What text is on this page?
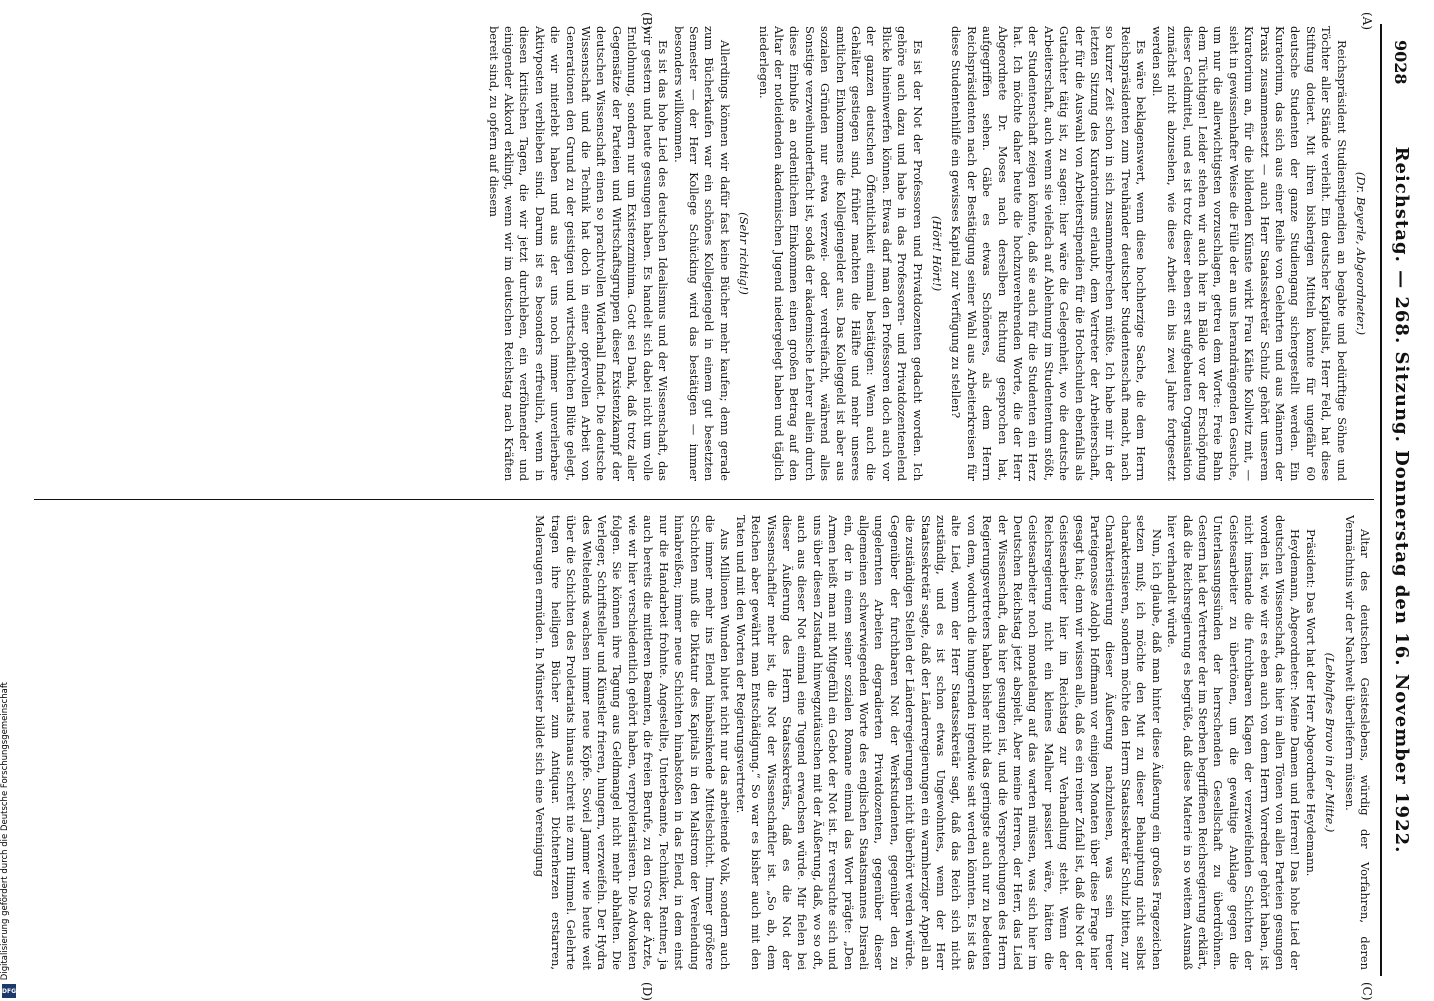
9028
Reichstag. — 268. Sitzung. Donnerstag den 16. November 1922.
(A)
(B)
(C)
(D)

(Dr. Beyerle, Abgeordneter.)

Reichspräsident Studienstipendien an begabte und bedürftige Söhne und Töchter aller Stände verleiht. Ein deutscher Kapitalist, Herr Feld, hat diese Stiftung dotiert. Mit ihren bisherigen Mitteln konnte für ungefähr 60 deutsche Studenten der ganze Studiengang sichergestellt werden. Ein Kuratorium, das sich aus einer Reihe von Gelehrten und aus Männern der Praxis zusammensetzt — auch Herr Staatssekretär Schulz gehört unserem Kuratorium an, für die bildenden Künste wirkt Frau Käthe Kollwitz mit, — sieht in gewissenhafter Weise die Fülle der an uns herandrängenden Gesuche, um nur die allerwichtigsten vorzuschlagen, getreu dem Worte: Freie Bahn dem Tüchtigen! Leider stehen wir auch hier in Bälde vor der Erschöpfung dieser Geldmittel, und es ist trotz dieser eben erst aufgebauten Organisation zunächst nicht abzusehen, wie diese Arbeit ein bis zwei Jahre fortgesetzt werden soll.

Es wäre beklagenswert, wenn diese hochherzige Sache, die dem Herrn Reichspräsidenten zum Treuhänder deutscher Studentenschaft macht, nach so kurzer Zeit schon in sich zusammenbrechen müßte. Ich habe mir in der letzten Sitzung des Kuratoriums erlaubt, dem Vertreter der Arbeiterschaft, der für die Auswahl von Arbeiterstipendien für die Hochschulen ebenfalls als Gutachter tätig ist, zu sagen: hier wäre die Gelegenheit, wo die deutsche Arbeiterschaft, auch wenn sie vielfach auf Ablehnung im Studententum stößt, der Studentenschaft zeigen könnte, daß sie auch für die Studenten ein Herz hat. Ich möchte daher heute die hochzuverehrenden Worte, die der Herr Abgeordnete Dr. Moses nach derselben Richtung gesprochen hat, aufgegriffen sehen. Gäbe es etwas Schöneres, als dem Herrn Reichspräsidenten nach der Bestätigung seiner Wahl aus Arbeiterkreisen für diese Studentenhilfe ein gewisses Kapital zur Verfügung zu stellen?

(Hört! Hört!)

Es ist der Not der Professoren und Privatdozenten gedacht worden. Ich gehöre auch dazu und habe in das Professoren- und Privatdozentenelend Blicke hineinwerfen können. Etwas darf man den Professoren doch auch vor der ganzen deutschen Öffentlichkeit einmal bestätigen: Wenn auch die Gehälter gestiegen sind, früher machten die Hälfte und mehr unseres amtlichen Einkommens die Kollegiengelder aus. Das Kolleggeld ist aber aus sozialen Gründen nur etwa verzwei- oder verdreifacht, während alles Sonstige verzweihundertfacht ist, sodaß der akademische Lehrer allein durch diese Einbuße an ordentlichem Einkommen einen großen Betrag auf den Altar der notleidenden akademischen Jugend niedergelegt haben und täglich niederlegen.

(Sehr richtig!)

Allerdings können wir dafür fast keine Bücher mehr kaufen; denn gerade zum Bücherkaufen war ein schönes Kollegiengeld in einem gut besetzten Semester — der Herr Kollege Schücking wird das bestätigen — immer besonders willkommen.

Es ist das hohe Lied des deutschen Idealismus und der Wissenschaft, das wir gestern und heute gesungen haben. Es handelt sich dabei nicht um volle Entlohnung, sondern nur um Existenzminima. Gott sei Dank, daß trotz aller Gegensätze der Parteien und Wirtschaftsgruppen dieser Existenzkampf der deutschen Wissenschaft einen so prachtvollen Widerhall findet. Die deutsche Wissenschaft und die Technik hat doch in einer opfervollen Arbeit von Generationen den Grund zu der geistigen und wirtschaftlichen Blüte gelegt, die wir miterlebt haben und aus der uns noch immer unverlierbare Aktivposten verblieben sind. Darum ist es besonders erfreulich, wenn in diesen kritischen Tagen, die wir jetzt durchleben, ein verföhnender und einigender Akkord erklingt, wenn wir im deutschen Reichstag nach Kräften bereit sind, zu opfern auf diesem

Altar des deutschen Geisteslebens, würdig der Vorfahren, deren Vermächtnis wir der Nachwelt überliefern müssen.

(Lebhaftes Bravo in der Mitte.)

Präsident: Das Wort hat der Herr Abgeordnete Heydemann.

Heydemann, Abgeordneter: Meine Damen und Herren! Das hohe Lied der deutschen Wissenschaft, das hier in allen Tönen von allen Parteien gesungen worden ist, wie wir es eben auch von dem Herrn Vorredner gehört haben, ist nicht imstande die furchtbaren Klagen der verzweifelnden Schichten der Geistesarbeiter zu übertönen, um die gewaltige Anklage gegen die Unterlassungssünden der herrschenden Gesellschaft zu überdröhnen. Gestern hat der Vertreter der im Sterben begriffenen Reichsregierung erklärt, daß die Reichsregierung es begrüße, daß diese Materie in so weitem Ausmaß hier verhandelt würde.

Nun, ich glaube, daß man hinter diese Äußerung ein großes Fragezeichen setzen muß; ich möchte den Mut zu dieser Behauptung nicht selbst charakterisieren, sondern möchte den Herrn Staatssekretär Schulz bitten, zur Charakteristierung dieser Äußerung nachzulesen, was sein treuer Parteigenosse Adolph Hoffmann vor einigen Monaten über diese Frage hier gesagt hat; denn wir wissen alle, daß es ein reiner Zufall ist, daß die Not der Geistesarbeiter hier im Reichstag zur Verhandlung steht. Wenn der Reichsregierung nicht ein kleines Malheur passiert wäre, hätten die Geistesarbeiter noch monatelang auf das warten müssen, was sich hier im Deutschen Reichstag jetzt abspielt. Aber meine Herren, der Herr, das Lied der Wissenschaft, das hier gesungen ist, und die Versprechungen des Herrn Regierungsvertreters haben bisher nicht das geringste auch nur zu bedeuten von dem, wodurch die hungernden irgendwie satt werden könnten. Es ist das alte Lied, wenn der Herr Staatssekretär sagt, daß das Reich sich nicht zuständig, und es ist schon etwas Ungewohntes, wenn der Herr Staatssekretär sagte, daß der Länderregierungen ein warmherziger Appell an die zuständigen Stellen der Länderregierungen nicht überhört werden würde. Gegenüber der furchtbaren Not der Werkstudenten, gegenüber den zu ungelernten Arbeiten degradierten Privatdozenten, gegenüber dieser allgemeinen schwerwiegenden Worte des englischen Staatsmannes Disraeli ein, der in einem seiner sozialen Romane einmal das Wort prägte: „Den Armen heißt man mit Mitgefühl ein Gebot der Not ist. Er versuchte sich und uns über diesen Zustand hinwegzutäuschen mit der Äußerung, daß, wo so oft, auch aus dieser Not einmal eine Tugend erwachsen würde. Mir fielen bei dieser Äußerung des Herrn Staatssekretärs, daß es die Not der Wissenschaftler mehr ist, die Not der Wissenschaftler ist. „So ab, dem Reichen aber gewährt man Entschädigung.“ So war es bisher auch mit den Taten und mit den Worten der Regierungsvertreter.

Aus Millionen Wunden blutet nicht nur das arbeitende Volk, sondern auch die immer mehr ins Elend hinabsinkende Mittelschicht. Immer größere Schichten muß die Diktatur des Kapitals in den Malstrom der Verelendung hinabreißen; immer neue Schichten hinabstoßen in das Elend, in dem einst nur die Handarbeit frohnte. Angestellte, Unterbeamte, Techniker, Rentner, ja auch bereits die mittleren Beamten, die freien Berufe, zu den Gros der Ärzte, wie wir hier verschiedentlich gehört haben, verproletarisieren. Die Advokaten folgen. Sie können ihre Tagung aus Geldmangel nicht mehr abhalten. Die Verleger, Schriftsteller und Künstler frieren, hungern, verzweifeln. Der Hydra des Weltelends wachsen immer neue Köpfe. Soviel Jammer wie heute weit über die Schichten des Proletariats hinaus schreit nie zum Himmel. Gelehrte tragen ihre heiligen Bücher zum Antiquar. Dichterherzen erstarren, Maleraugen ermüden. In Münster bildet sich eine Vereinigung

Digitalisierung gefördert durch die Deutsche Forschungsgemeinschaft
DFG
